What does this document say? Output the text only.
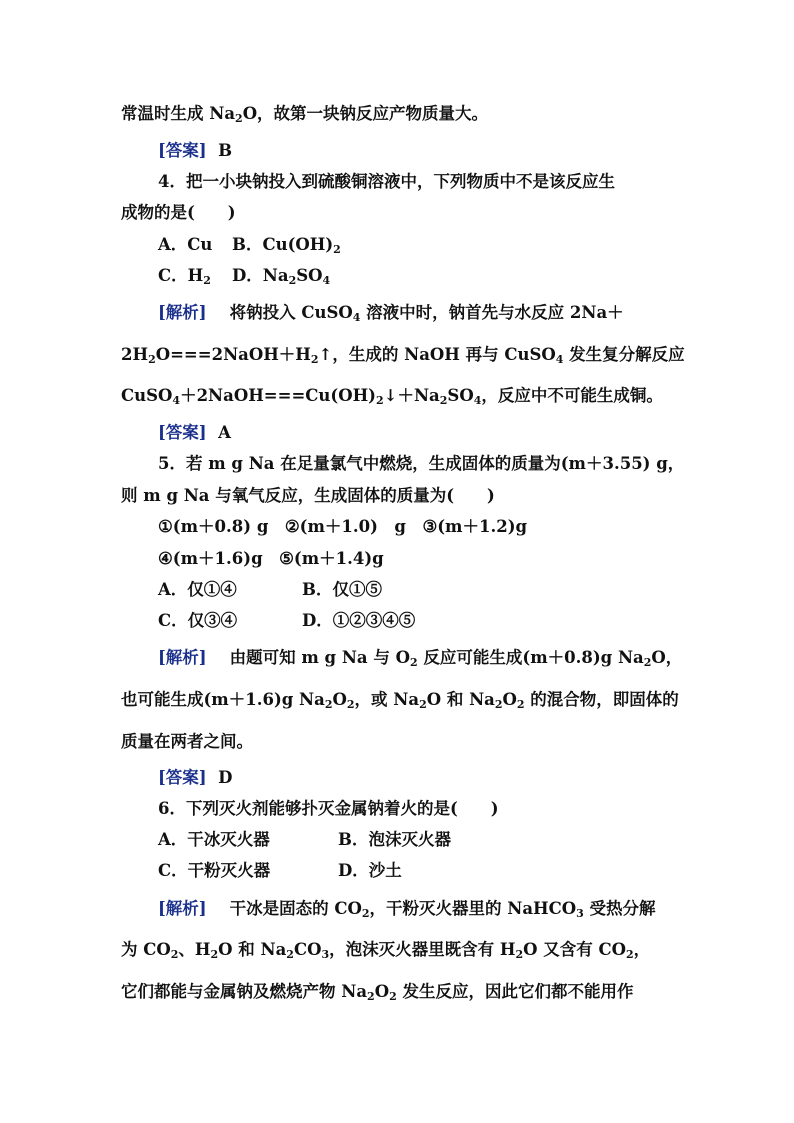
常温时生成 $Na_2O$，故第一块钠反应产物质量大。
[答案] B
4．把一小块钠投入到硫酸铜溶液中，下列物质中不是该反应生
成物的是(　　)
A．Cu B．$Cu(OH)_2$
C．$H_2$ D．$Na_2SO_4$
[解析] 将钠投入 CuSO$_4$ 溶液中时，钠首先与水反应 2Na＋
$2H_2O===2NaOH+H_2↑$，生成的 NaOH 再与 CuSO$_4$ 发生复分解反应
$CuSO_4+2NaOH===Cu(OH)_2↓+Na_2SO_4$，反应中不可能生成铜。
[答案] A
5．若 m g Na 在足量氯气中燃烧，生成固体的质量为(m＋3.55) g，
则 m g Na 与氧气反应，生成固体的质量为(　　)
①(m＋0.8) g　②(m＋1.0)　g　③(m＋1.2)g
④(m＋1.6)g　⑤(m＋1.4)g
A．仅①④	B．仅①⑤
C．仅③④	D．①②③④⑤
[解析] 由题可知 m g Na 与 $O_2$ 反应可能生成(m＋0.8)g $Na_2O$，
也可能生成(m＋1.6)g $Na_2O_2$，或 $Na_2O$ 和 $Na_2O_2$ 的混合物，即固体的
质量在两者之间。
[答案] D
6．下列灭火剂能够扑灭金属钠着火的是(　　)
A．干冰灭火器	B．泡沫灭火器
C．干粉灭火器	D．沙土
[解析] 干冰是固态的 $CO_2$，干粉灭火器里的 NaHCO$_3$ 受热分解
为 $CO_2$、$H_2O$ 和 $Na_2CO_3$，泡沫灭火器里既含有 $H_2O$ 又含有 $CO_2$，
它们都能与金属钠及燃烧产物 $Na_2O_2$ 发生反应，因此它们都不能用作
